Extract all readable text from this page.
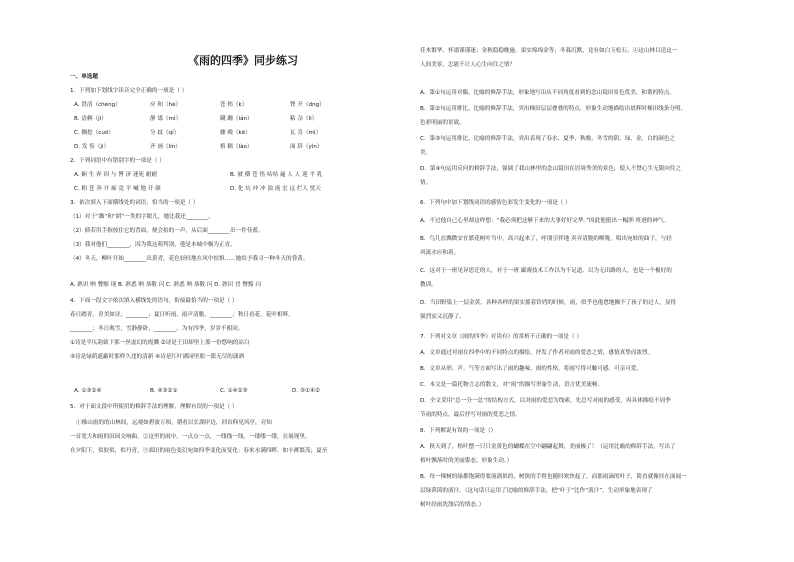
《雨的四季》同步练习
一、单选题
1．下列加下划线字读音完全正确的一项是（ ）
A. 澄清（chéng）	应 和（hè）	苍 梧（k）	铿 开（dng）
B. 清俩（jì）	静 谧（mì）	蹒 跚（lán）	粘 杂（lì）
C. 搁挖（cuō）	分 歧（qí）	骤 晚（kē）	瓦 肯（mì）
D. 发 髻（jì）	齐 画（lín）	格 糯（lào）	面 辞（yìn）
2．下列词语中有错别字的一项是（ ）
A. 娴 生 奔 因 与 博 济 迷死 耐耐	B. 被 横 苍 恪 咕咕 遍 人 人 迎 平 乳
C. 粗 苍 奔 开 痴 竟 平 喊 地 开 颜	D. 化 坑 冲 冲 浊 流 宏 远 烂人 忧天
3．依次填入下面横线处的词语，恰当的一项是（ ）
（1）对于“踟”和“跰”一类的字眼儿，她比我还________。
（2）倘若用手指按住它的背面，便会拍的一声，从后面________出一件佳蓄。
（3）我对他们________，因为我这萌判别，他是本城中极为正直。
（4）冬天，柳叶开始________出黄青，花色轻轻地在风中惊惧……她给予我寻一种冬天的昏黄。
A. 熟识 呐 瞥黯 现 B. 熟悉 呐 恭敬 闪 C. 熟悉 呐 恭敬 闪 D. 熟识 冒 瞥黯 闪
4．下面一段文字依次填入横线处的语句，衔接最恰当的一项是（ ）
春日踏青，青美如诗，________；夏日听雨，雨声清脆，________；秋日看花，花叶相辉，
________；冬日观雪，雪静静卧，________。为有四季，岁岁不相同。
①诗是平仄韵致下那一丝虚幻的霞溅 ②诗是王田却里上那一份悠响的凉白
③诗是绿荫遮蔽时那样久违的清新 ④诗是红叶满园里那一派无尽的潇洒
A. ①③②④	B. ④③②①	C. ①④②③	D. ③①④②
5．对于面文段中所使用的修辞手法的理解，理解有误的一项是（ ）
①像山雨的的山林间，远观如碧波万顷，朝看以长湖岸边，回首仰见风亭，旁知
一首宽大和雨的田园交响曲。②这里的雨中，一点点一点，一线线一线，一缕缕一缕，在展现里，
在夕阳下，似胶似，似丹青。③郊田的雨色变幻宛如四季变化而变化：春来水满四畔，如丰裤繁茂；夏至
佳木繁华，怀谧谨谨迷；金秋稳稳晚施，果实绵绵金等；冬暮沉默，竟有如白玉松石。④这山林目送这一
人间美景，怎能不让人心生向往之情？
A．第①句运用对偶、比喻的修辞手法，形象地写出从不同角度看到的念山镜田景色优美、和谐的特点。
B．第②句运用排比、比喻的修辞手法，突出梯田层层叠叠的特点，形象生动地描绘出晨辉时梯田线条分明、
色彩明丽的景致。
C．第③句运用排比、比喻的修辞手法，突出表现了春水、夏季、秋晚、冬雪的阴、绿、金、白的颜色之
美。
D．第④句运用反问的修辞手法，强调了我山林里的念山镜田在居周秀美的景色，使人不禁心生无限向往之
情。
6．下列句中加下划线词语的感情色彩发生变化的一项是（ ）
A．不过他自己心里却这样想：“我必须把这够下来的大事好好完华。”因此他挺出一幅胆 班迥的神气。
B．鸟儿在飘微安在繁花树叶当中，高兴起来了，呼朋引伴地 卖弄清脆的喉咙，唱出宛转的曲子，与轻
风流水应和着。
C．这对于一班见异思迁的人，对于一班 鄙薄技术工作以为不足道、以为无出路的人，也是一个极好的
教训。
D．当田野染上一层金黄，各种各样的果实摇着铃铛的时候，雨，似乎也倦怠地搁不了孩子的过人，显得
强烈而又沉静了。
7．下列对文章《雨的四季》对读有》的赏析不正确的一项是（ ）
A．文章通过对雨在四季中的不同特点的描绘，抒发了作者对雨的爱恋之情，感情真挚而浓烈。
B．文章从形、声、气等方面写出了雨的趣味、雨的性格，将雨写得可触可感、可亲可爱。
C．本文是一篇托物言志的散文，对“雨”的描写形象生动，语言优美流畅。
D．全文采用“总一分一总”的结构方式，以对雨的爱恋为线索，先总写对雨的感受，再具体描绘不同季
节雨的特点，最后抒写对雨的爱恋之情。
8．下列解说有误的一项是（）
A．秋天到了，梧叶摆一只只金黄色的蝴蝶在空中翩翩起舞，美丽极了！（运用比喻的修辞手法，写出了
梧叶飘落时的美丽姿态，形象生动。）
B．每一棵树的绿都饱满得要流淌似的，树狭的手臂也随时欢快起了，而那雨滴的叶子，简直就像挂在面闻一
层绿茵茵的液汁。（这句话只运用了比喻的修辞手法，把“叶子”比作“液汁”，生动形象地表现了
树叶经雨洗涤后的情态。）
